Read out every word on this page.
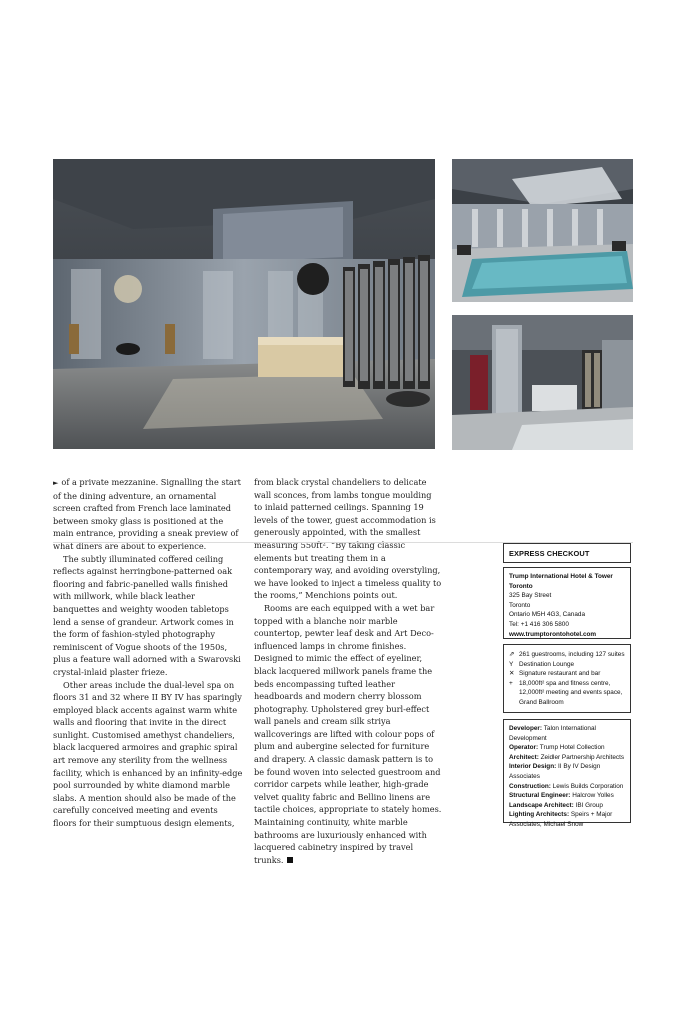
► of a private mezzanine. Signalling the start of the dining adventure, an ornamental screen crafted from French lace laminated between smoky glass is positioned at the main entrance, providing a sneak preview of what diners are about to experience.

The subtly illuminated coffered ceiling reflects against herringbone-patterned oak flooring and fabric-panelled walls finished with millwork, while black leather banquettes and weighty wooden tabletops lend a sense of grandeur. Artwork comes in the form of fashion-styled photography reminiscent of Vogue shoots of the 1950s, plus a feature wall adorned with a Swarovski crystal-inlaid plaster frieze.

Other areas include the dual-level spa on floors 31 and 32 where II BY IV has sparingly employed black accents against warm white walls and flooring that invite in the direct sunlight. Customised amethyst chandeliers, black lacquered armoires and graphic spiral art remove any sterility from the wellness facility, which is enhanced by an infinity-edge pool surrounded by white diamond marble slabs. A mention should also be made of the carefully conceived meeting and events floors for their sumptuous design elements,

from black crystal chandeliers to delicate wall sconces, from lambs tongue moulding to inlaid patterned ceilings. Spanning 19 levels of the tower, guest accommodation is generously appointed, with the smallest measuring 550ft². “By taking classic elements but treating them in a contemporary way, and avoiding overstyling, we have looked to inject a timeless quality to the rooms,” Menchions points out.

Rooms are each equipped with a wet bar topped with a blanche noir marble countertop, pewter leaf desk and Art Deco-influenced lamps in chrome finishes. Designed to mimic the effect of eyeliner, black lacquered millwork panels frame the beds encompassing tufted leather headboards and modern cherry blossom photography. Upholstered grey burl-effect wall panels and cream silk striya wallcoverings are lifted with colour pops of plum and aubergine selected for furniture and drapery. A classic damask pattern is to be found woven into selected guestroom and corridor carpets while leather, high-grade velvet quality fabric and Bellino linens are tactile choices, appropriate to stately homes. Maintaining continuity, white marble bathrooms are luxuriously enhanced with lacquered cabinetry inspired by travel trunks.

EXPRESS CHECKOUT
Trump International Hotel & Tower Toronto
325 Bay Street
Toronto
Ontario M5H 4G3, Canada
Tel: +1 416 306 5800
www.trumptorontohotel.com
⇗ 261 guestrooms, including 127 suites
Y Destination Lounge
✕ Signature restaurant and bar
+ 18,000ft² spa and fitness centre, 12,000ft² meeting and events space, Grand Ballroom
Developer: Talon International Development
Operator: Trump Hotel Collection
Architect: Zeidler Partnership Architects
Interior Design: II By IV Design Associates
Construction: Lewis Builds Corporation
Structural Engineer: Halcrow Yolles
Landscape Architect: IBI Group
Lighting Architects: Speirs + Major Associates, Michael Snow
